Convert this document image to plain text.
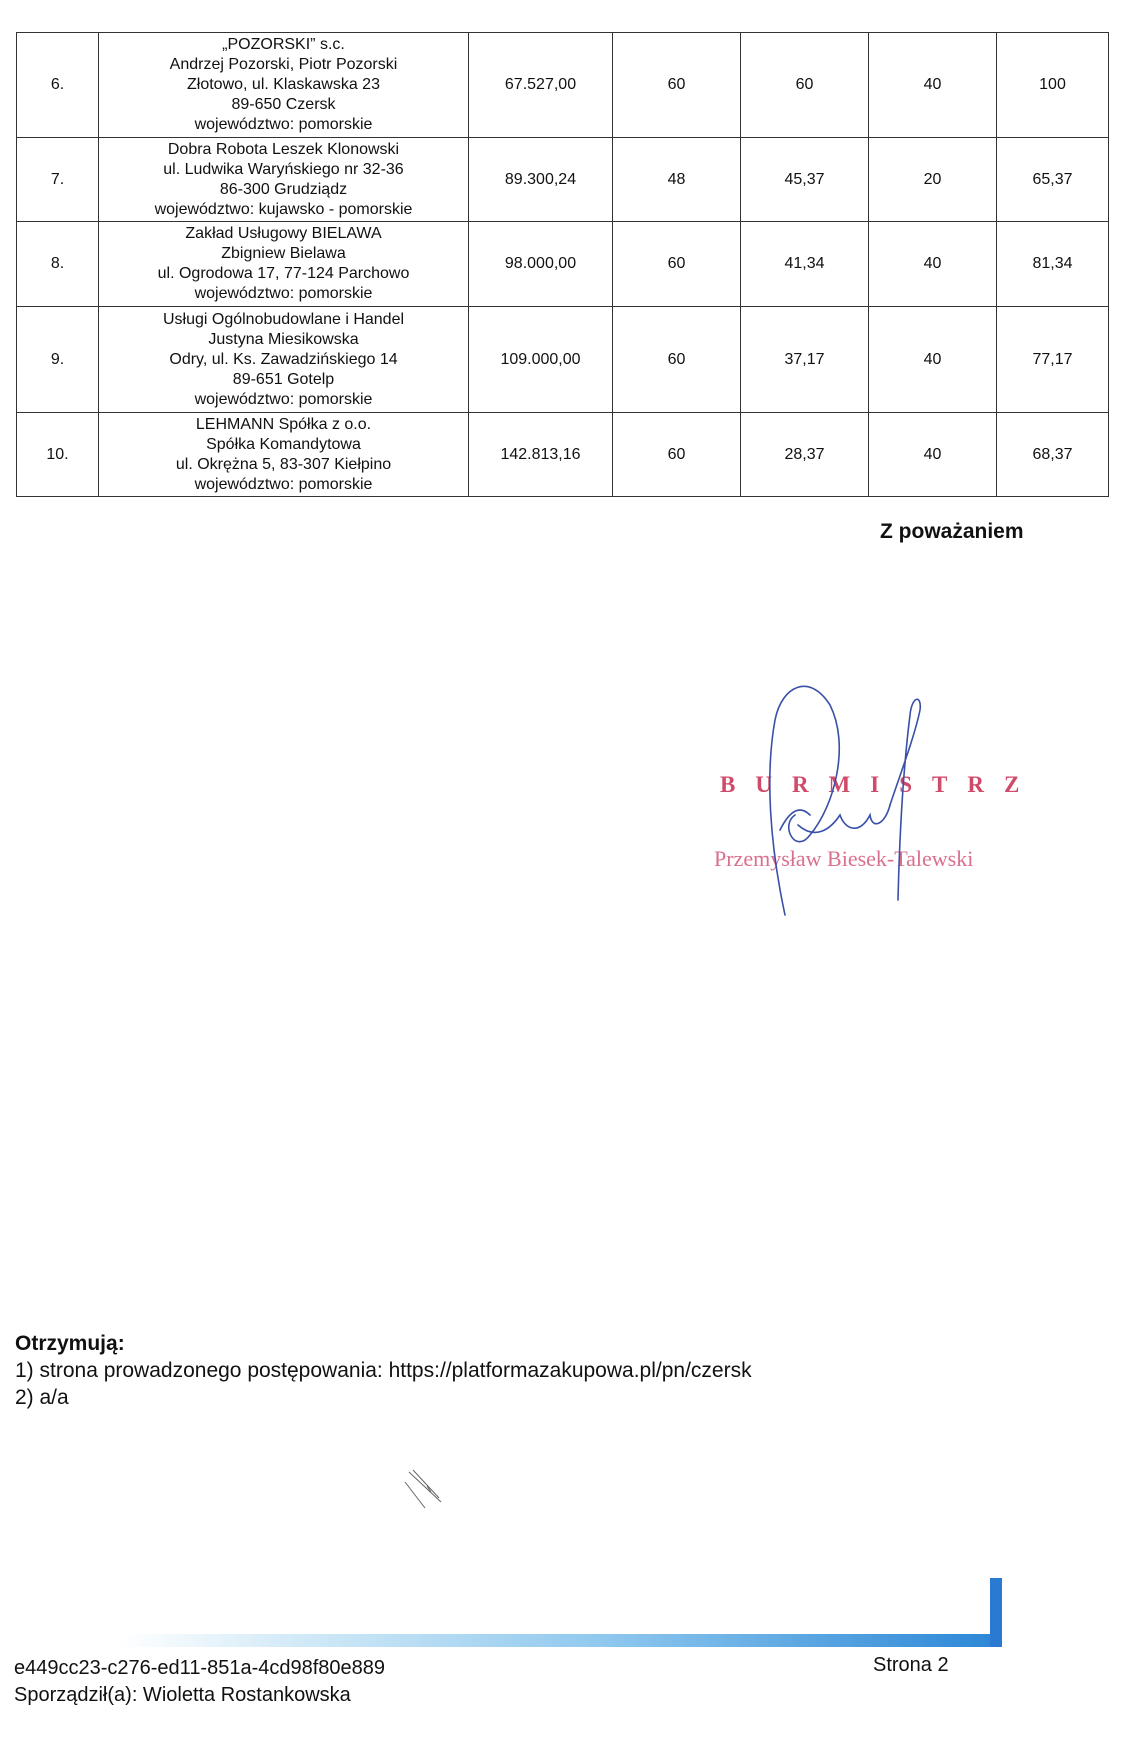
6.	„POZORSKI” s.c.
Andrzej Pozorski, Piotr Pozorski
Złotowo, ul. Klaskawska 23
89-650 Czersk
województwo: pomorskie	67.527,00	60	60	40	100
7.	Dobra Robota Leszek Klonowski
ul. Ludwika Waryńskiego nr 32-36
86-300 Grudziądz
województwo: kujawsko - pomorskie	89.300,24	48	45,37	20	65,37
8.	Zakład Usługowy BIELAWA
Zbigniew Bielawa
ul. Ogrodowa 17, 77-124 Parchowo
województwo: pomorskie	98.000,00	60	41,34	40	81,34
9.	Usługi Ogólnobudowlane i Handel
Justyna Miesikowska
Odry, ul. Ks. Zawadzińskiego 14
89-651 Gotelp
województwo: pomorskie	109.000,00	60	37,17	40	77,17
10.	LEHMANN Spółka z o.o.
Spółka Komandytowa
ul. Okrężna 5, 83-307 Kiełpino
województwo: pomorskie	142.813,16	60	28,37	40	68,37
Z poważaniem
BURMISTRZ
Przemysław Biesek-Talewski
Otrzymują:
1) strona prowadzonego postępowania: https://platformazakupowa.pl/pn/czersk
2) a/a
e449cc23-c276-ed11-851a-4cd98f80e889	Strona 2
Sporządził(a): Wioletta Rostankowska
